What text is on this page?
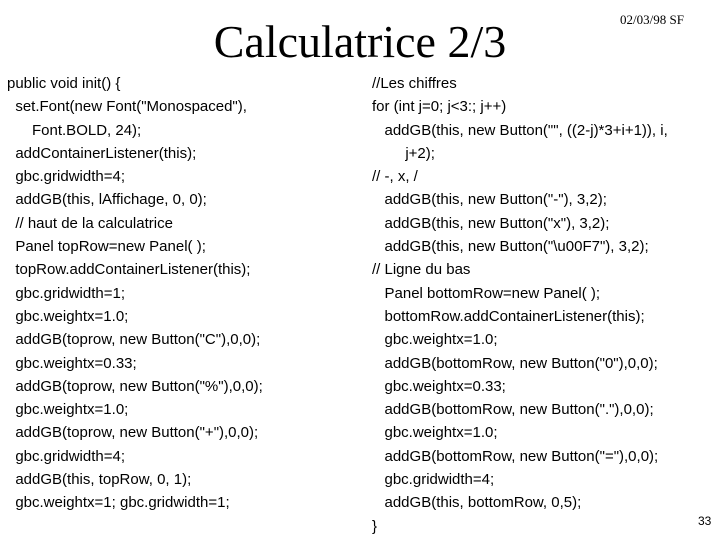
Calculatrice 2/3	02/03/98 SF
public void init() {
set.Font(new Font("Monospaced"),
Font.BOLD, 24);
addContainerListener(this);
gbc.gridwidth=4;
addGB(this, lAffichage, 0, 0);
// haut de la calculatrice
Panel topRow=new Panel( );
topRow.addContainerListener(this);
gbc.gridwidth=1;
gbc.weightx=1.0;
addGB(toprow, new Button("C"),0,0);
gbc.weightx=0.33;
addGB(toprow, new Button("%"),0,0);
gbc.weightx=1.0;
addGB(toprow, new Button("+"),0,0);
gbc.gridwidth=4;
addGB(this, topRow, 0, 1);
gbc.weightx=1; gbc.gridwidth=1;
//Les chiffres
for (int j=0; j<3:; j++)
addGB(this, new Button("", ((2-j)*3+i+1)), i,
j+2);
// -, x, /
addGB(this, new Button("-"), 3,2);
addGB(this, new Button("x"), 3,2);
addGB(this, new Button("\u00F7"), 3,2);
// Ligne du bas
Panel bottomRow=new Panel( );
bottomRow.addContainerListener(this);
gbc.weightx=1.0;
addGB(bottomRow, new Button("0"),0,0);
gbc.weightx=0.33;
addGB(bottomRow, new Button("."),0,0);
gbc.weightx=1.0;
addGB(bottomRow, new Button("="),0,0);
gbc.gridwidth=4;
addGB(this, bottomRow, 0,5);
}	33
